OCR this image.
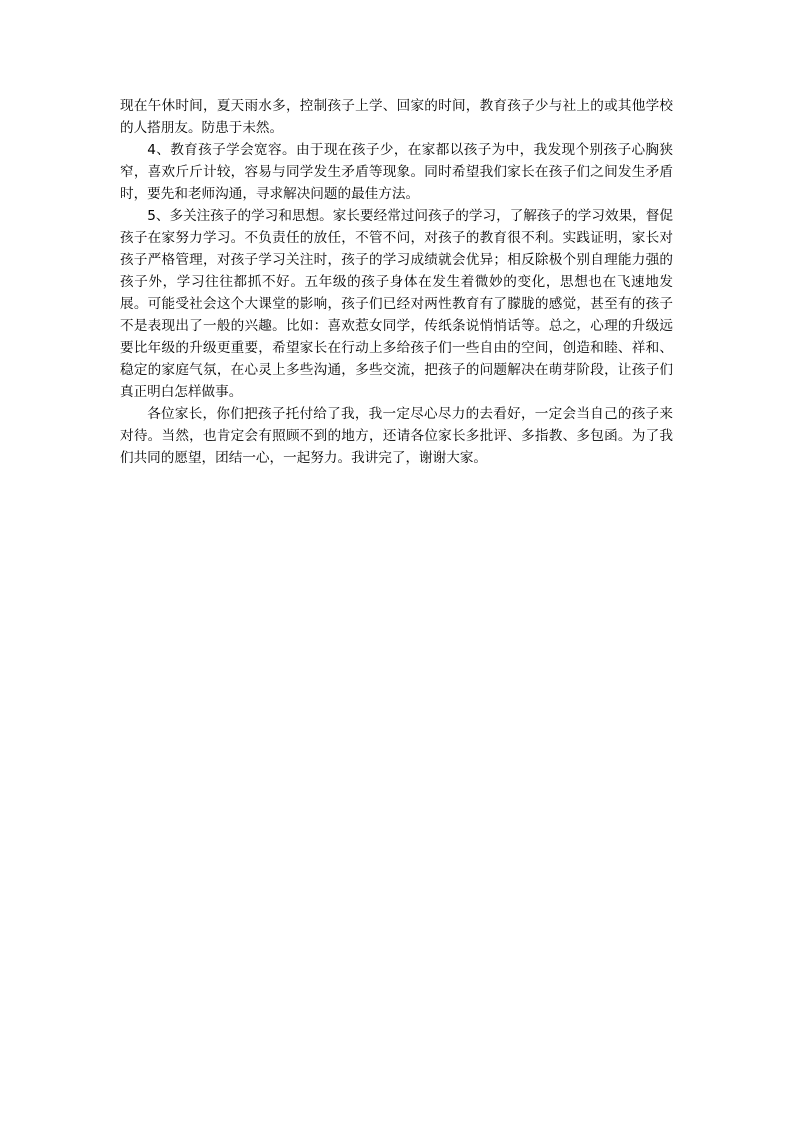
现在午休时间，夏天雨水多，控制孩子上学、回家的时间，教育孩子少与社上的或其他学校的人搭朋友。防患于未然。

4、教育孩子学会宽容。由于现在孩子少，在家都以孩子为中，我发现个别孩子心胸狭窄，喜欢斤斤计较，容易与同学发生矛盾等现象。同时希望我们家长在孩子们之间发生矛盾时，要先和老师沟通，寻求解决问题的最佳方法。

5、多关注孩子的学习和思想。家长要经常过问孩子的学习，了解孩子的学习效果，督促孩子在家努力学习。不负责任的放任，不管不问，对孩子的教育很不利。实践证明，家长对孩子严格管理，对孩子学习关注时，孩子的学习成绩就会优异；相反除极个别自理能力强的孩子外，学习往往都抓不好。五年级的孩子身体在发生着微妙的变化，思想也在飞速地发展。可能受社会这个大课堂的影响，孩子们已经对两性教育有了朦胧的感觉，甚至有的孩子不是表现出了一般的兴趣。比如：喜欢惹女同学，传纸条说悄悄话等。总之，心理的升级远要比年级的升级更重要，希望家长在行动上多给孩子们一些自由的空间，创造和睦、祥和、稳定的家庭气氛，在心灵上多些沟通，多些交流，把孩子的问题解决在萌芽阶段，让孩子们真正明白怎样做事。

各位家长，你们把孩子托付给了我，我一定尽心尽力的去看好，一定会当自己的孩子来对待。当然，也肯定会有照顾不到的地方，还请各位家长多批评、多指教、多包函。为了我们共同的愿望，团结一心，一起努力。我讲完了，谢谢大家。
